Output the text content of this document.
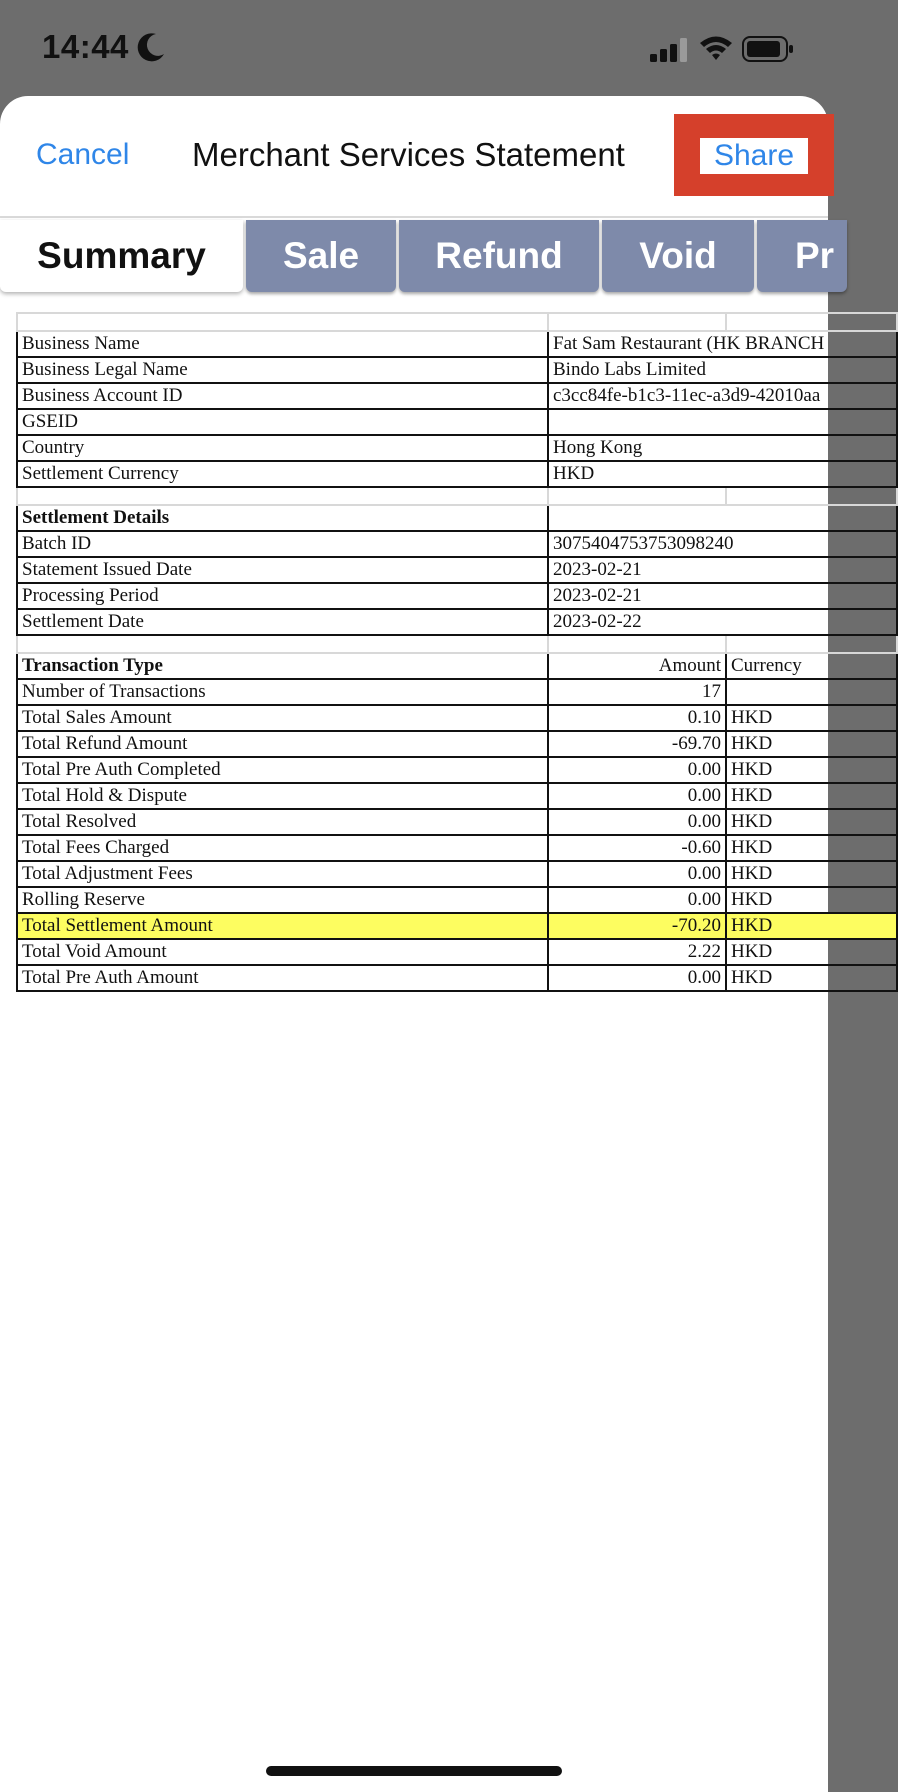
14:44
Cancel Merchant Services Statement	Share
Summary	Sale	Refund	Void	Pr

Business Name	Fat Sam Restaurant (HK BRANCH	
Business Legal Name	Bindo Labs Limited	
Business Account ID	c3cc84fe-b1c3-11ec-a3d9-42010aa	
GSEID		
Country	Hong Kong	
Settlement Currency	HKD	

Settlement Details		
Batch ID	3075404753753098240	
Statement Issued Date	2023-02-21	
Processing Period	2023-02-21	
Settlement Date	2023-02-22	

Transaction Type	Amount	Currency
Number of Transactions	17	
Total Sales Amount	0.10	HKD
Total Refund Amount	-69.70	HKD
Total Pre Auth Completed	0.00	HKD
Total Hold & Dispute	0.00	HKD
Total Resolved	0.00	HKD
Total Fees Charged	-0.60	HKD
Total Adjustment Fees	0.00	HKD
Rolling Reserve	0.00	HKD
Total Settlement Amount	-70.20	HKD
Total Void Amount	2.22	HKD
Total Pre Auth Amount	0.00	HKD
